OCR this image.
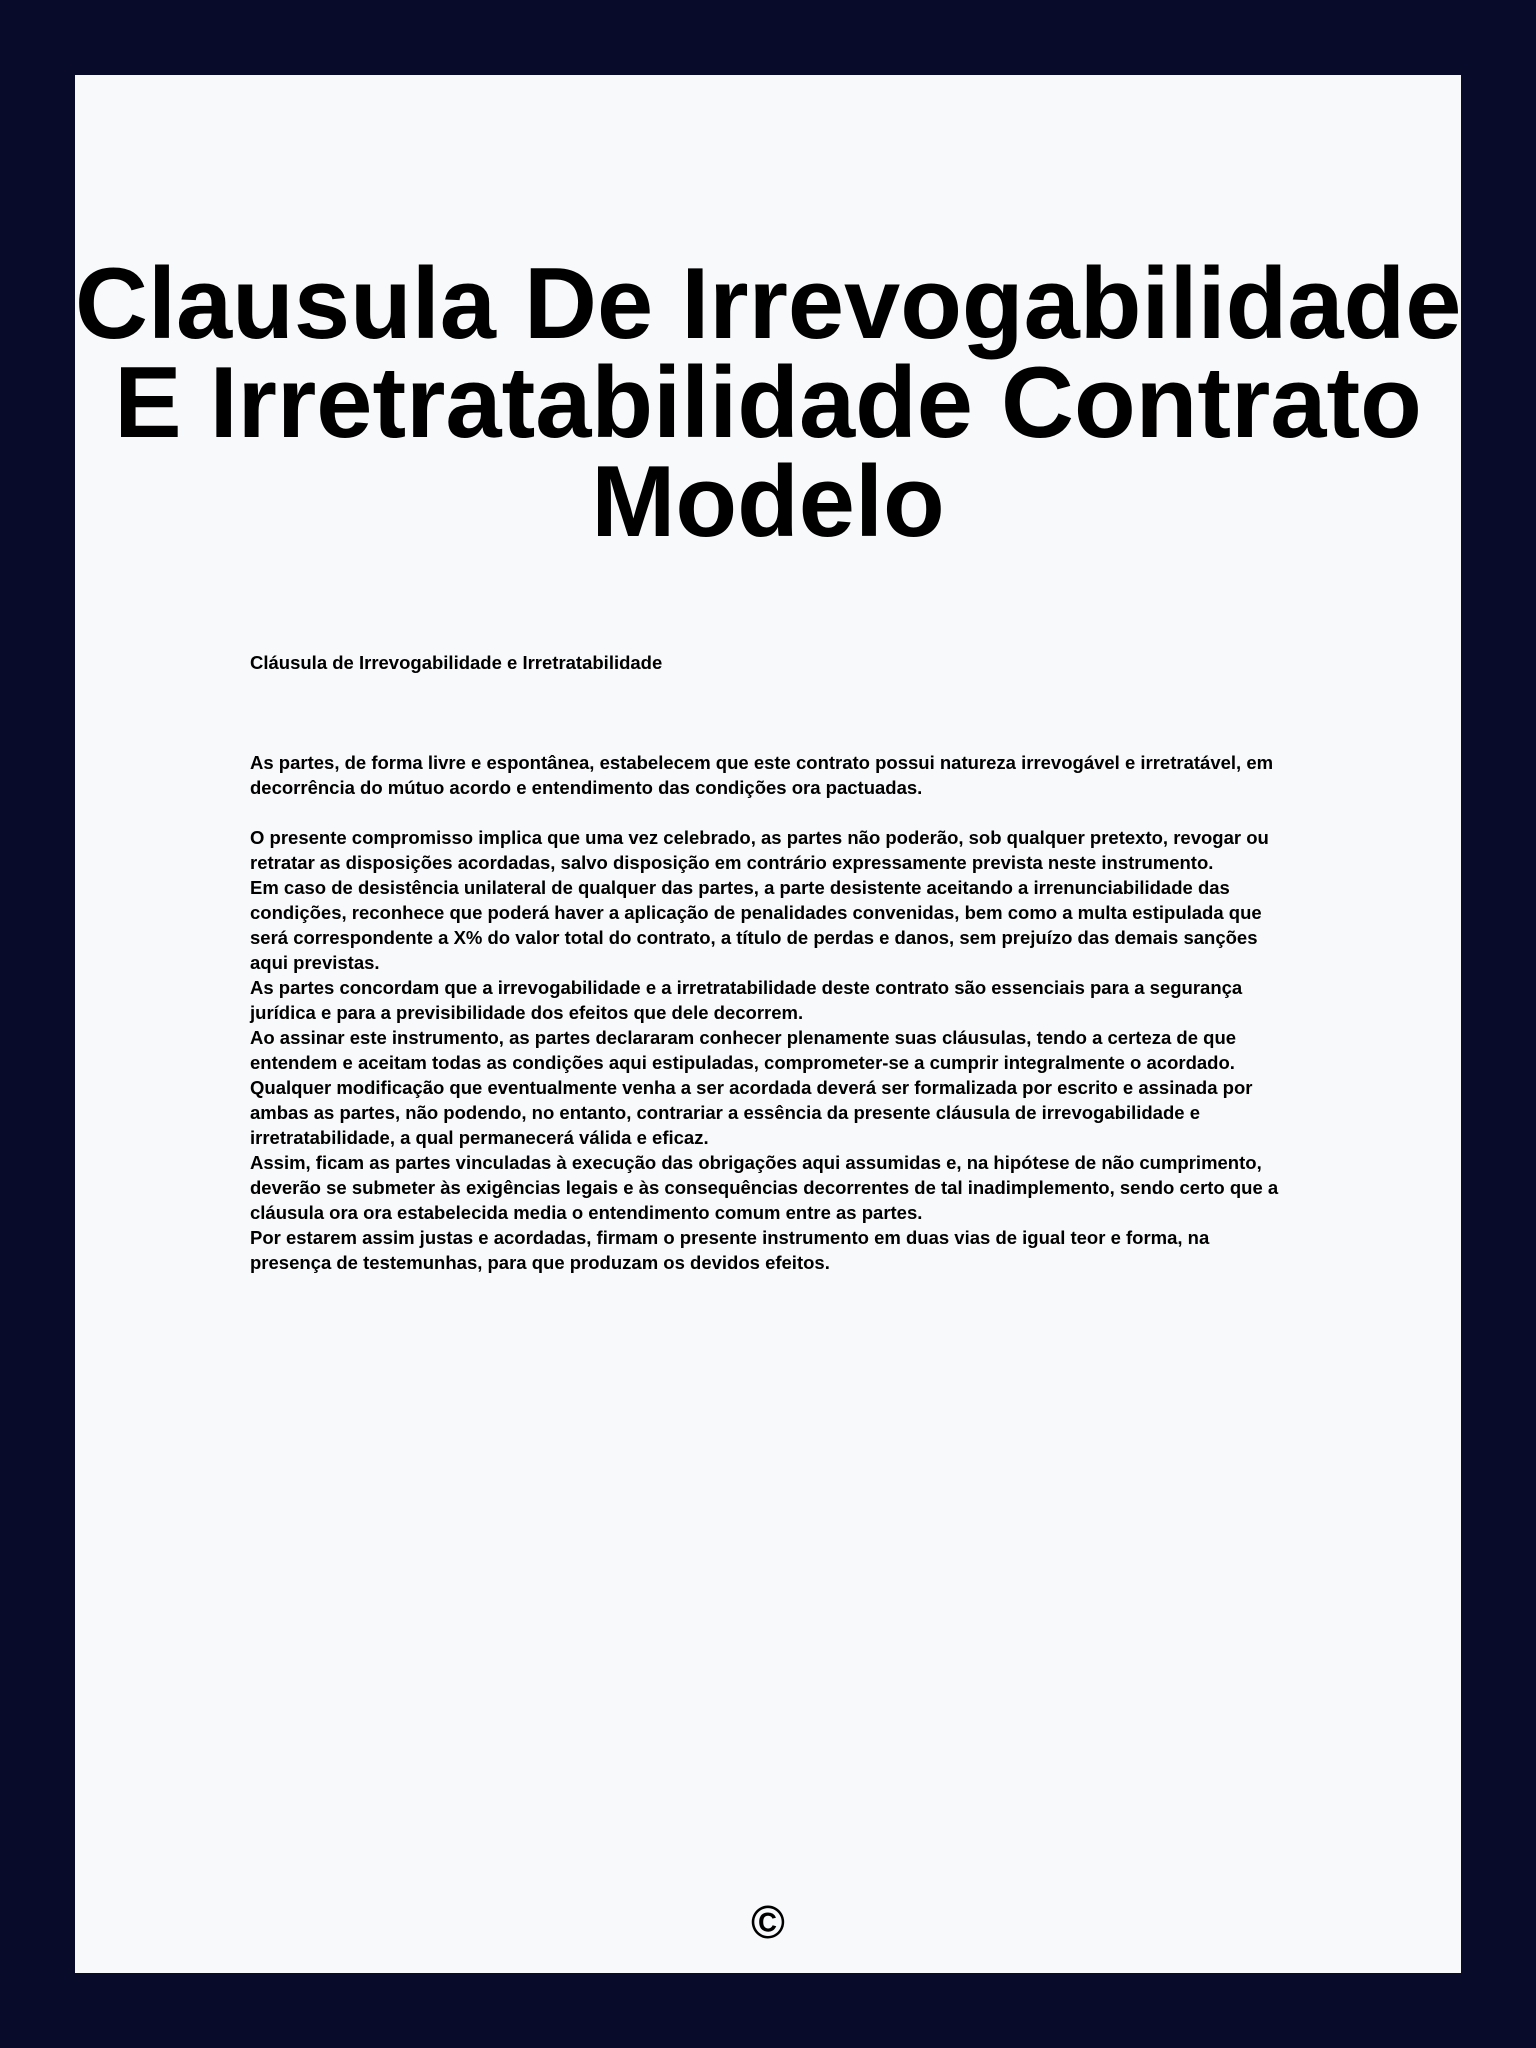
Clausula De Irrevogabilidade
E Irretratabilidade Contrato
Modelo

Cláusula de Irrevogabilidade e Irretratabilidade

As partes, de forma livre e espontânea, estabelecem que este contrato possui natureza irrevogável e irretratável, em decorrência do mútuo acordo e entendimento das condições ora pactuadas.

O presente compromisso implica que uma vez celebrado, as partes não poderão, sob qualquer pretexto, revogar ou retratar as disposições acordadas, salvo disposição em contrário expressamente prevista neste instrumento.

Em caso de desistência unilateral de qualquer das partes, a parte desistente aceitando a irrenunciabilidade das condições, reconhece que poderá haver a aplicação de penalidades convenidas, bem como a multa estipulada que será correspondente a X% do valor total do contrato, a título de perdas e danos, sem prejuízo das demais sanções aqui previstas.

As partes concordam que a irrevogabilidade e a irretratabilidade deste contrato são essenciais para a segurança jurídica e para a previsibilidade dos efeitos que dele decorrem.

Ao assinar este instrumento, as partes declararam conhecer plenamente suas cláusulas, tendo a certeza de que entendem e aceitam todas as condições aqui estipuladas, comprometer-se a cumprir integralmente o acordado.

Qualquer modificação que eventualmente venha a ser acordada deverá ser formalizada por escrito e assinada por ambas as partes, não podendo, no entanto, contrariar a essência da presente cláusula de irrevogabilidade e irretratabilidade, a qual permanecerá válida e eficaz.

Assim, ficam as partes vinculadas à execução das obrigações aqui assumidas e, na hipótese de não cumprimento, deverão se submeter às exigências legais e às consequências decorrentes de tal inadimplemento, sendo certo que a cláusula ora ora estabelecida media o entendimento comum entre as partes.

Por estarem assim justas e acordadas, firmam o presente instrumento em duas vias de igual teor e forma, na presença de testemunhas, para que produzam os devidos efeitos.

©
